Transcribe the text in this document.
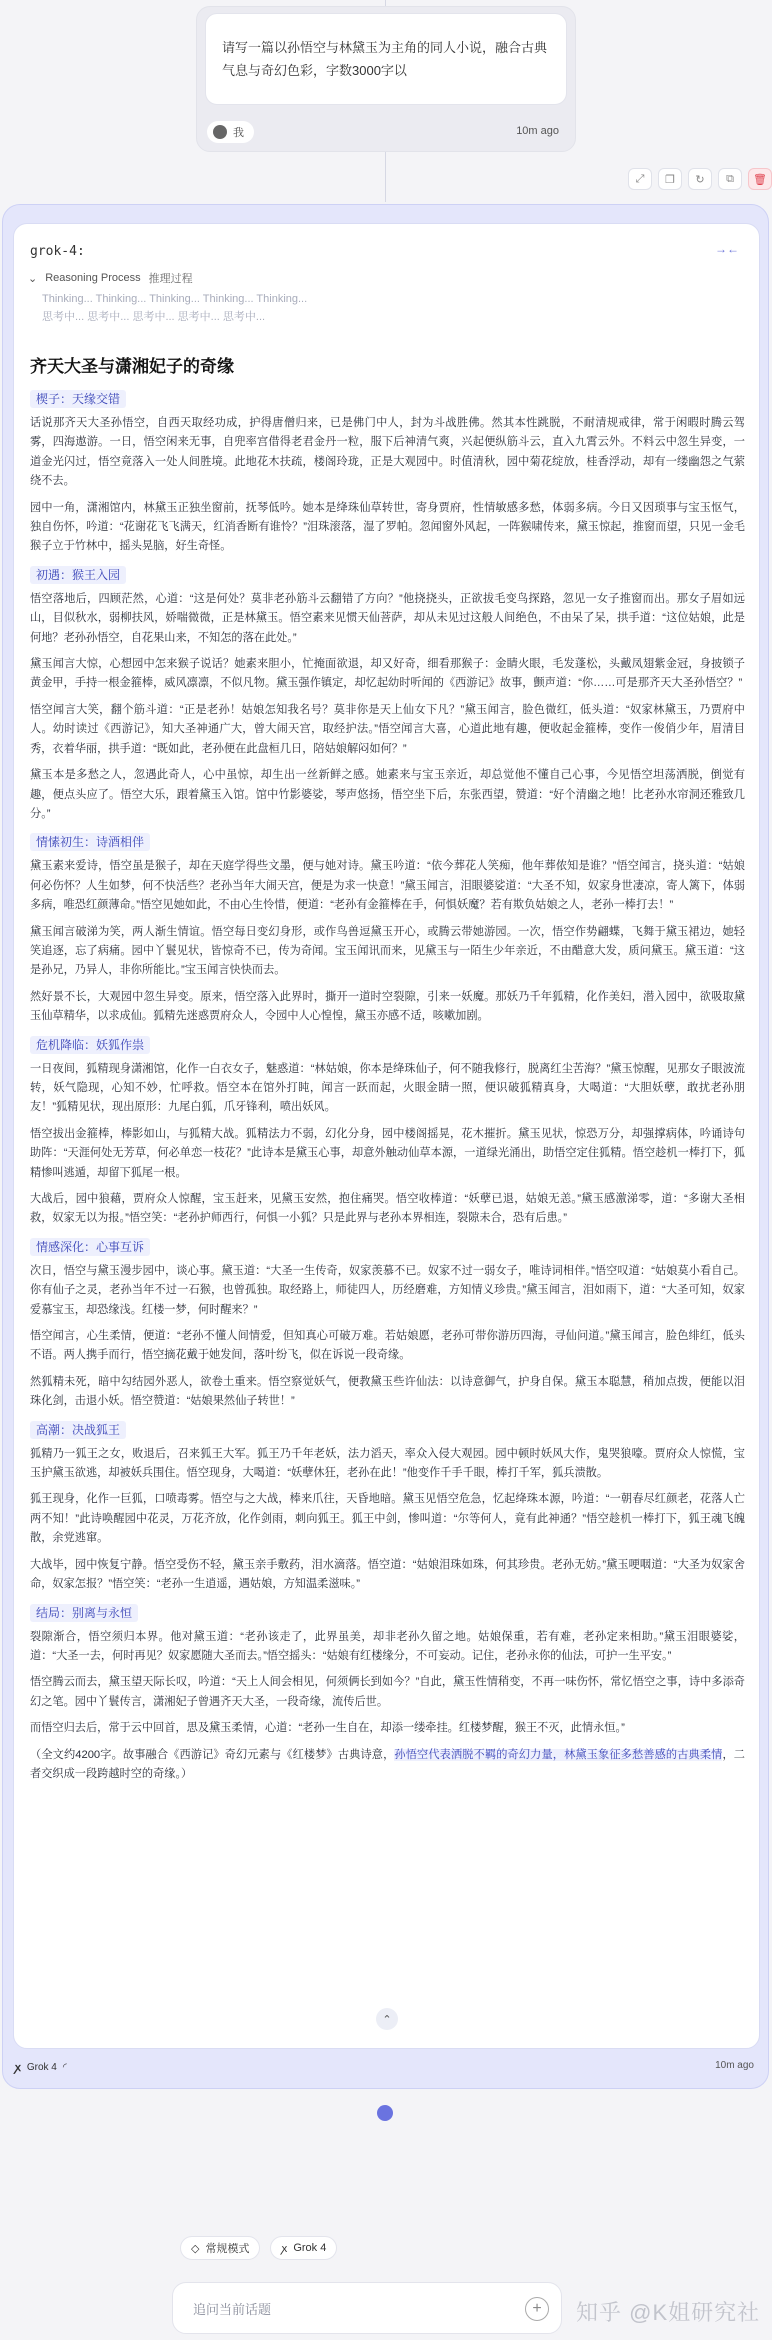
请写一篇以孙悟空与林黛玉为主角的同人小说，融合古典气息与奇幻色彩，字数3000字以
我	10m ago
⤢	❐	↻	⧉	🗑
grok-4:	→←
⌄ Reasoning Process 推理过程
Thinking... Thinking... Thinking... Thinking... Thinking...
思考中... 思考中... 思考中... 思考中... 思考中...
齐天大圣与潇湘妃子的奇缘
楔子：天缘交错

话说那齐天大圣孙悟空，自西天取经功成，护得唐僧归来，已是佛门中人，封为斗战胜佛。然其本性跳脱，不耐清规戒律，常于闲暇时腾云驾雾，四海遨游。一日，悟空闲来无事，自兜率宫借得老君金丹一粒，服下后神清气爽，兴起便纵筋斗云，直入九霄云外。不料云中忽生异变，一道金光闪过，悟空竟落入一处人间胜境。此地花木扶疏，楼阁玲珑，正是大观园中。时值清秋，园中菊花绽放，桂香浮动，却有一缕幽怨之气萦绕不去。

园中一角，潇湘馆内，林黛玉正独坐窗前，抚琴低吟。她本是绛珠仙草转世，寄身贾府，性情敏感多愁，体弱多病。今日又因琐事与宝玉怄气，独自伤怀，吟道：“花谢花飞飞满天，红消香断有谁怜？”泪珠滚落，湿了罗帕。忽闻窗外风起，一阵猴啸传来，黛玉惊起，推窗而望，只见一金毛猴子立于竹林中，摇头晃脑，好生奇怪。

初遇：猴王入园

悟空落地后，四顾茫然，心道：“这是何处？莫非老孙筋斗云翻错了方向？”他挠挠头，正欲拔毛变鸟探路，忽见一女子推窗而出。那女子眉如远山，目似秋水，弱柳扶风，娇喘微微，正是林黛玉。悟空素来见惯天仙菩萨，却从未见过这般人间绝色，不由呆了呆，拱手道：“这位姑娘，此是何地？老孙孙悟空，自花果山来，不知怎的落在此处。”

黛玉闻言大惊，心想园中怎来猴子说话？她素来胆小，忙掩面欲退，却又好奇，细看那猴子：金睛火眼，毛发蓬松，头戴凤翅紫金冠，身披锁子黄金甲，手持一根金箍棒，威风凛凛，不似凡物。黛玉强作镇定，却忆起幼时听闻的《西游记》故事，颤声道：“你……可是那齐天大圣孙悟空？”

悟空闻言大笑，翻个筋斗道：“正是老孙！姑娘怎知我名号？莫非你是天上仙女下凡？”黛玉闻言，脸色微红，低头道：“奴家林黛玉，乃贾府中人。幼时读过《西游记》，知大圣神通广大，曾大闹天宫，取经护法。”悟空闻言大喜，心道此地有趣，便收起金箍棒，变作一俊俏少年，眉清目秀，衣着华丽，拱手道：“既如此，老孙便在此盘桓几日，陪姑娘解闷如何？”

黛玉本是多愁之人，忽遇此奇人，心中虽惊，却生出一丝新鲜之感。她素来与宝玉亲近，却总觉他不懂自己心事，今见悟空坦荡洒脱，倒觉有趣，便点头应了。悟空大乐，跟着黛玉入馆。馆中竹影婆娑，琴声悠扬，悟空坐下后，东张西望，赞道：“好个清幽之地！比老孙水帘洞还雅致几分。”

情愫初生：诗酒相伴

黛玉素来爱诗，悟空虽是猴子，却在天庭学得些文墨，便与她对诗。黛玉吟道：“依今葬花人笑痴，他年葬侬知是谁？”悟空闻言，挠头道：“姑娘何必伤怀？人生如梦，何不快活些？老孙当年大闹天宫，便是为求一快意！”黛玉闻言，泪眼婆娑道：“大圣不知，奴家身世凄凉，寄人篱下，体弱多病，唯恐红颜薄命。”悟空见她如此，不由心生怜惜，便道：“老孙有金箍棒在手，何惧妖魔？若有欺负姑娘之人，老孙一棒打去！”

黛玉闻言破涕为笑，两人渐生情谊。悟空每日变幻身形，或作鸟兽逗黛玉开心，或腾云带她游园。一次，悟空作势翩蝶，飞舞于黛玉裙边，她轻笑追逐，忘了病痛。园中丫鬟见状，皆惊奇不已，传为奇闻。宝玉闻讯而来，见黛玉与一陌生少年亲近，不由醋意大发，质问黛玉。黛玉道：“这是孙兄，乃异人，非你所能比。”宝玉闻言快快而去。

然好景不长，大观园中忽生异变。原来，悟空落入此界时，撕开一道时空裂隙，引来一妖魔。那妖乃千年狐精，化作美妇，潜入园中，欲吸取黛玉仙草精华，以求成仙。狐精先迷惑贾府众人，令园中人心惶惶，黛玉亦感不适，咳嗽加剧。

危机降临：妖狐作祟

一日夜间，狐精现身潇湘馆，化作一白衣女子，魅惑道：“林姑娘，你本是绛珠仙子，何不随我修行，脱离红尘苦海？”黛玉惊醒，见那女子眼波流转，妖气隐现，心知不妙，忙呼救。悟空本在馆外打盹，闻言一跃而起，火眼金睛一照，便识破狐精真身，大喝道：“大胆妖孽，敢扰老孙朋友！”狐精见状，现出原形：九尾白狐，爪牙锋利，喷出妖风。

悟空拔出金箍棒，棒影如山，与狐精大战。狐精法力不弱，幻化分身，园中楼阁摇晃，花木摧折。黛玉见状，惊恐万分，却强撑病体，吟诵诗句助阵：“天涯何处无芳草，何必单恋一枝花？”此诗本是黛玉心事，却意外触动仙草本源，一道绿光涌出，助悟空定住狐精。悟空趁机一棒打下，狐精惨叫逃遁，却留下狐尾一根。

大战后，园中狼藉，贾府众人惊醒，宝玉赶来，见黛玉安然，抱住痛哭。悟空收棒道：“妖孽已退，姑娘无恙。”黛玉感激涕零，道：“多谢大圣相救，奴家无以为报。”悟空笑：“老孙护师西行，何惧一小狐？只是此界与老孙本界相连，裂隙未合，恐有后患。”

情感深化：心事互诉

次日，悟空与黛玉漫步园中，谈心事。黛玉道：“大圣一生传奇，奴家羡慕不已。奴家不过一弱女子，唯诗词相伴。”悟空叹道：“姑娘莫小看自己。你有仙子之灵，老孙当年不过一石猴，也曾孤独。取经路上，师徒四人，历经磨难，方知情义珍贵。”黛玉闻言，泪如雨下，道：“大圣可知，奴家爱慕宝玉，却恐缘浅。红楼一梦，何时醒来？”

悟空闻言，心生柔情，便道：“老孙不懂人间情爱，但知真心可破万难。若姑娘愿，老孙可带你游历四海，寻仙问道。”黛玉闻言，脸色绯红，低头不语。两人携手而行，悟空摘花戴于她发间，落叶纷飞，似在诉说一段奇缘。

然狐精未死，暗中勾结园外恶人，欲卷土重来。悟空察觉妖气，便教黛玉些许仙法：以诗意御气，护身自保。黛玉本聪慧，稍加点拨，便能以泪珠化剑，击退小妖。悟空赞道：“姑娘果然仙子转世！”

高潮：决战狐王

狐精乃一狐王之女，败退后，召来狐王大军。狐王乃千年老妖，法力滔天，率众入侵大观园。园中顿时妖风大作，鬼哭狼嚎。贾府众人惊慌，宝玉护黛玉欲逃，却被妖兵围住。悟空现身，大喝道：“妖孽休狂，老孙在此！”他变作千手千眼，棒打千军，狐兵溃散。

狐王现身，化作一巨狐，口喷毒雾。悟空与之大战，棒来爪往，天昏地暗。黛玉见悟空危急，忆起绛珠本源，吟道：“一朝春尽红颜老，花落人亡两不知！”此诗唤醒园中花灵，万花齐放，化作剑雨，刺向狐王。狐王中剑，惨叫道：“尔等何人，竟有此神通？”悟空趁机一棒打下，狐王魂飞魄散，余党逃窜。

大战毕，园中恢复宁静。悟空受伤不轻，黛玉亲手敷药，泪水滴落。悟空道：“姑娘泪珠如珠，何其珍贵。老孙无妨。”黛玉哽咽道：“大圣为奴家舍命，奴家怎报？”悟空笑：“老孙一生逍遥，遇姑娘，方知温柔滋味。”

结局：别离与永恒

裂隙渐合，悟空须归本界。他对黛玉道：“老孙该走了，此界虽美，却非老孙久留之地。姑娘保重，若有难，老孙定来相助。”黛玉泪眼婆娑，道：“大圣一去，何时再见？奴家愿随大圣而去。”悟空摇头：“姑娘有红楼缘分，不可妄动。记住，老孙永你的仙法，可护一生平安。”

悟空腾云而去，黛玉望天际长叹，吟道：“天上人间会相见，何须俩长到如今？”自此，黛玉性情稍变，不再一味伤怀，常忆悟空之事，诗中多添奇幻之笔。园中丫鬟传言，潇湘妃子曾遇齐天大圣，一段奇缘，流传后世。

而悟空归去后，常于云中回首，思及黛玉柔情，心道：“老孙一生自在，却添一缕牵挂。红楼梦醒，猴王不灭，此情永恒。”

（全文约4200字。故事融合《西游记》奇幻元素与《红楼梦》古典诗意，孙悟空代表洒脱不羁的奇幻力量，林黛玉象征多愁善感的古典柔情，二者交织成一段跨越时空的奇缘。）

⌃
ꭗ Grok 4 ◜	10m ago
◇ 常规模式	ꭗ Grok 4
追问当前话题	+	知乎 @K姐研究社
